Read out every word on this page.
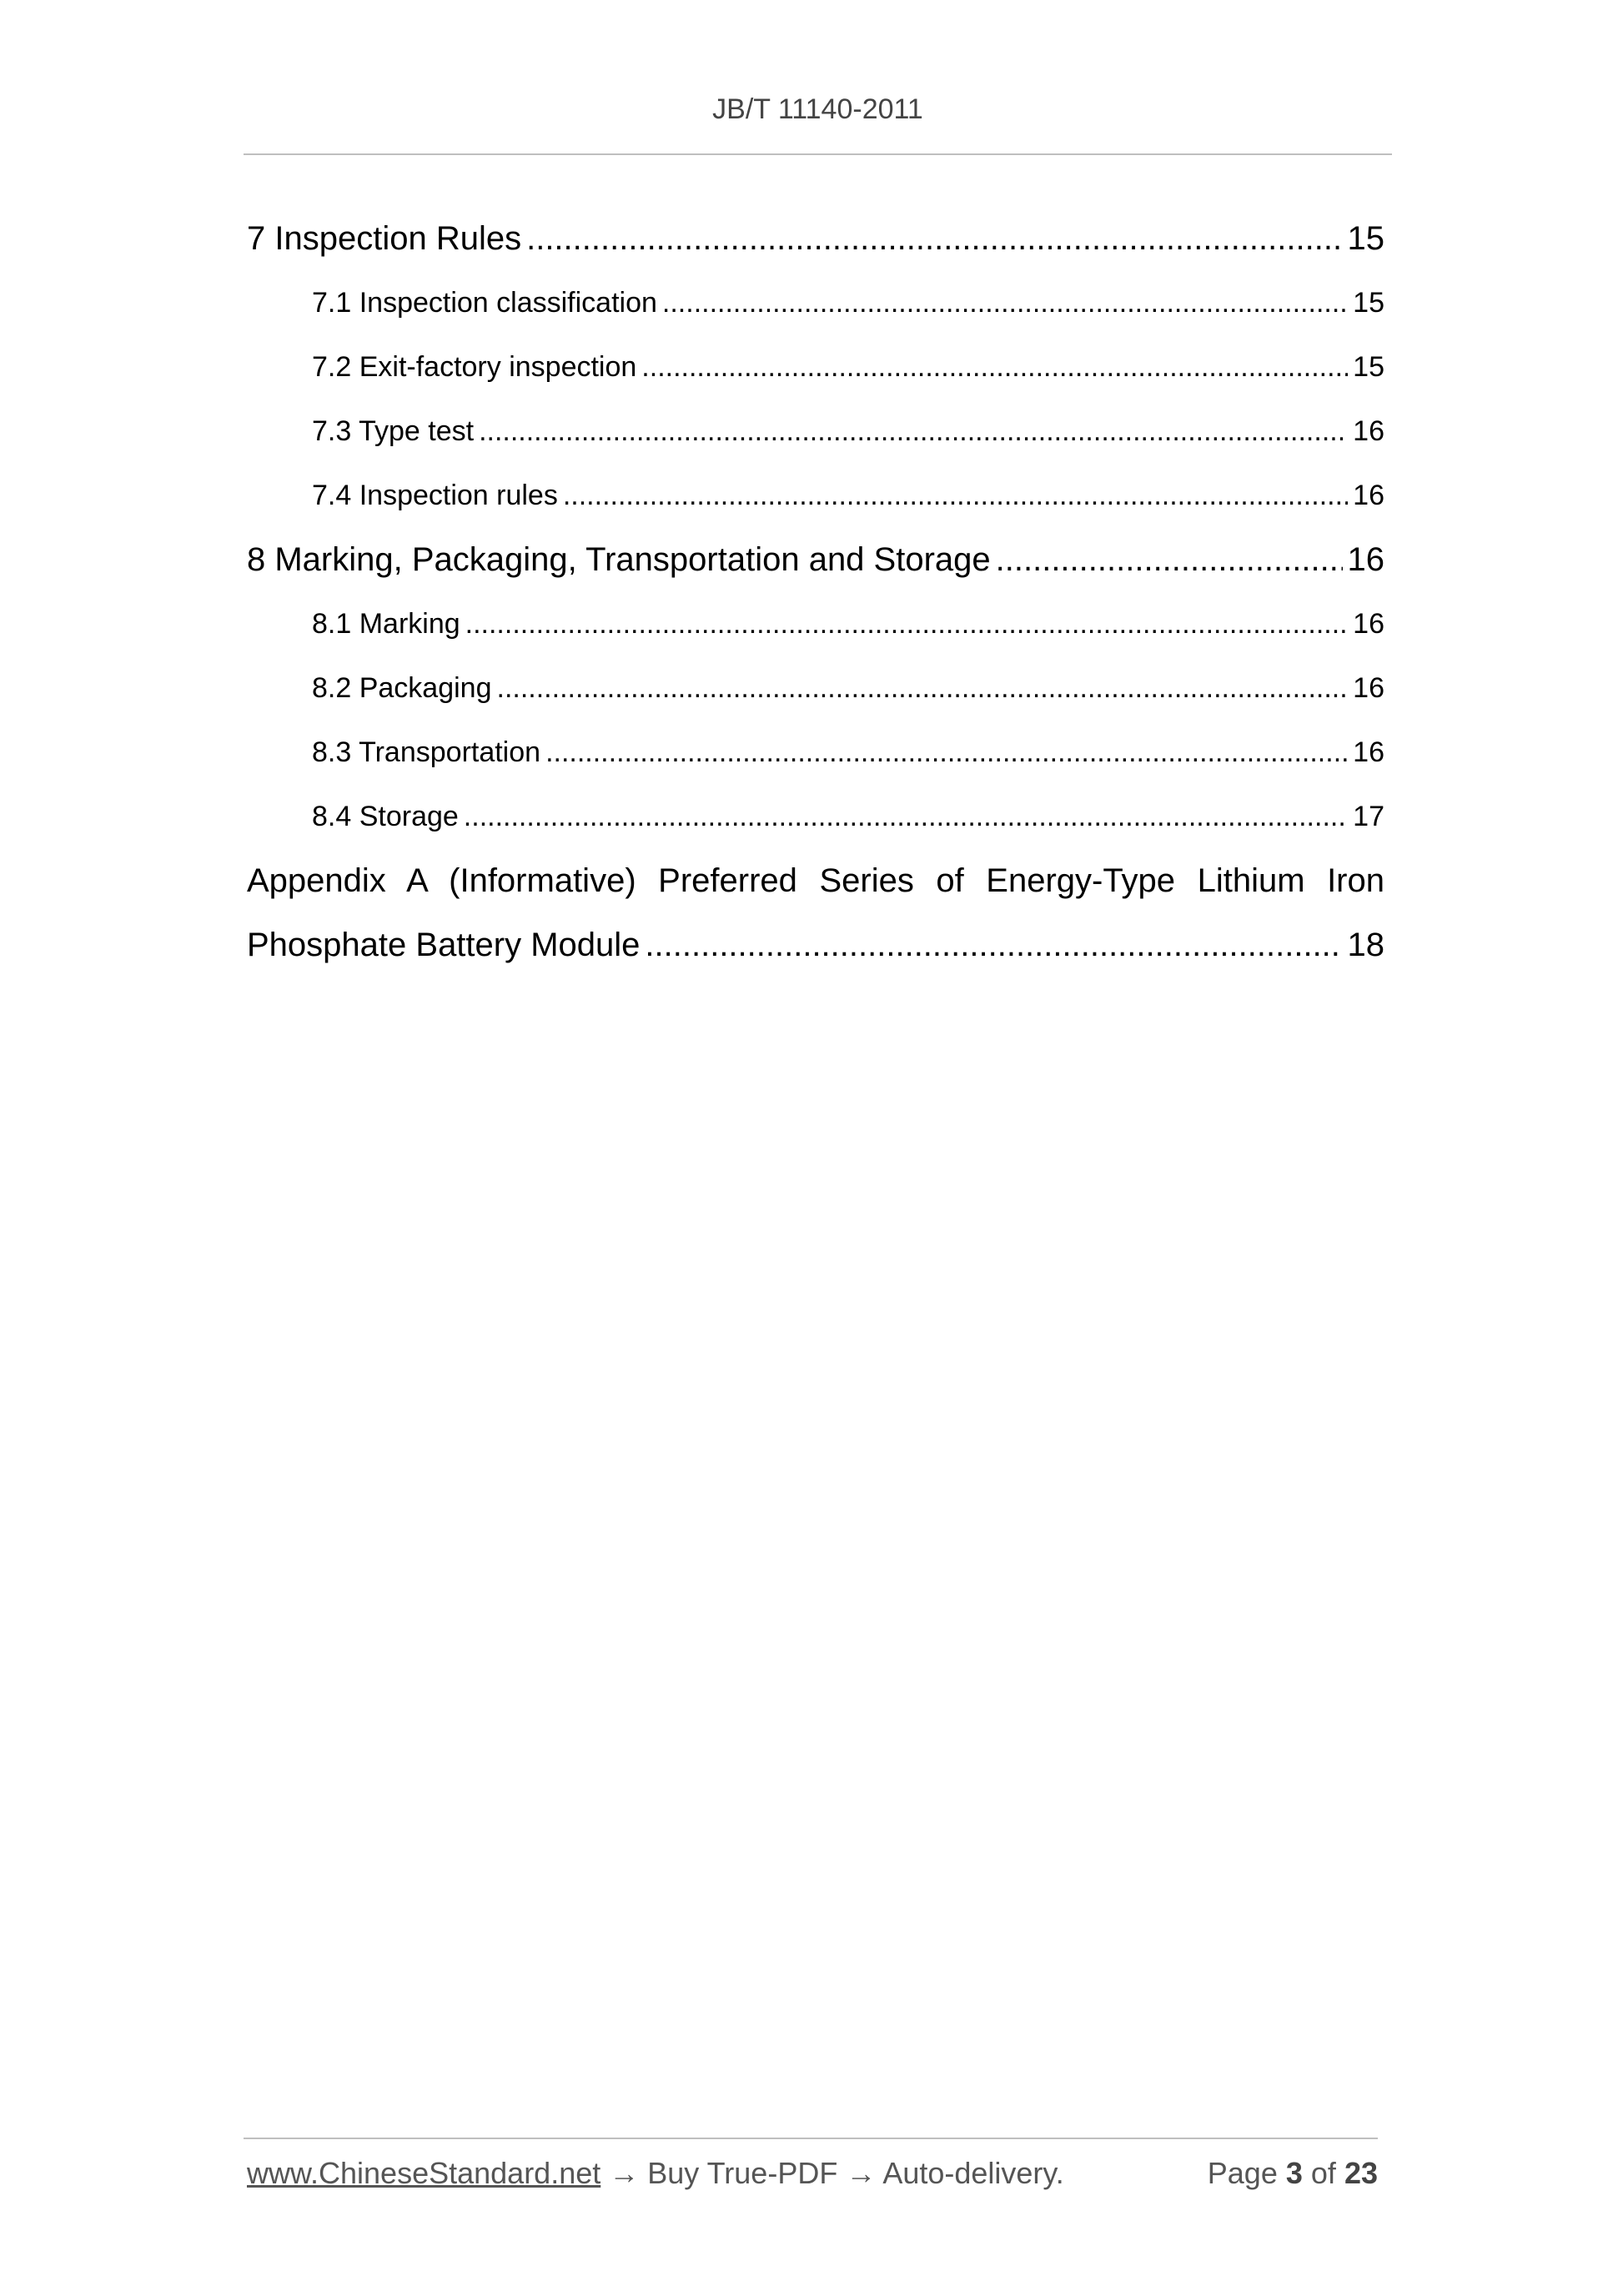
JB/T 11140-2011
7 Inspection Rules .....	15
7.1 Inspection classification .....	15
7.2 Exit-factory inspection .....	15
7.3 Type test .....	16
7.4 Inspection rules .....	16
8 Marking, Packaging, Transportation and Storage .....	16
8.1 Marking .....	16
8.2 Packaging .....	16
8.3 Transportation .....	16
8.4 Storage .....	17
Appendix A (Informative) Preferred Series of Energy-Type Lithium Iron
Phosphate Battery Module .....	18
www.ChineseStandard.net → Buy True-PDF → Auto-delivery.	Page 3 of 23
